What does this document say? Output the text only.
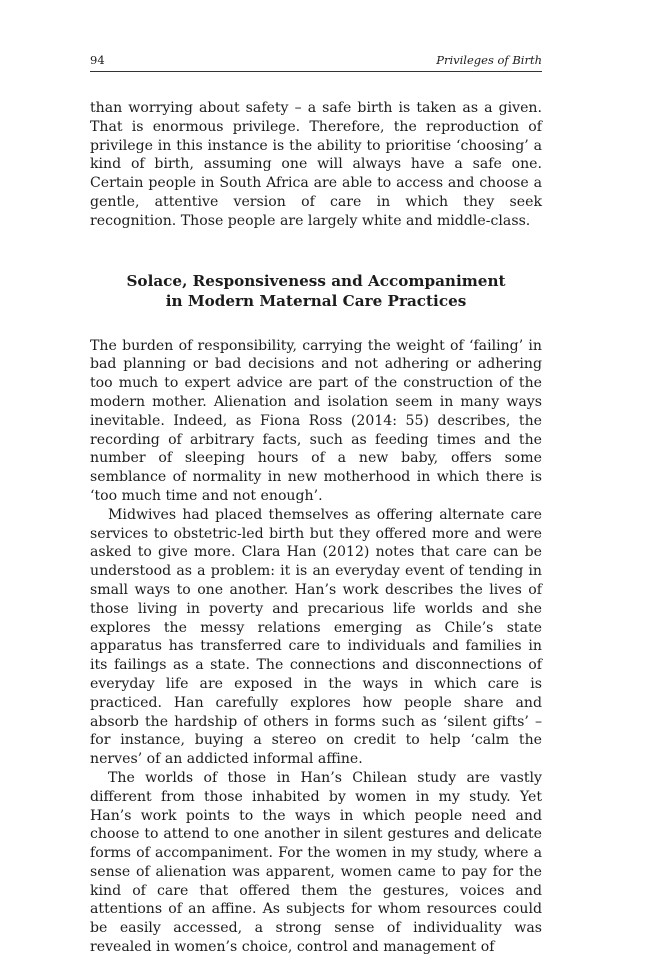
94	Privileges of Birth

than worrying about safety – a safe birth is taken as a given. That is enormous privilege. Therefore, the reproduction of privilege in this instance is the ability to prioritise ‘choosing’ a kind of birth, assuming one will always have a safe one. Certain people in South Africa are able to access and choose a gentle, attentive version of care in which they seek recognition. Those people are largely white and middle-class.

Solace, Responsiveness and Accompaniment
in Modern Maternal Care Practices

The burden of responsibility, carrying the weight of ‘failing’ in bad planning or bad decisions and not adhering or adhering too much to expert advice are part of the construction of the modern mother. Alienation and isolation seem in many ways inevitable. Indeed, as Fiona Ross (2014: 55) describes, the recording of arbitrary facts, such as feeding times and the number of sleeping hours of a new baby, offers some semblance of normality in new motherhood in which there is ‘too much time and not enough’.

Midwives had placed themselves as offering alternate care services to obstetric-led birth but they offered more and were asked to give more. Clara Han (2012) notes that care can be understood as a problem: it is an everyday event of tending in small ways to one another. Han’s work describes the lives of those living in poverty and precarious life worlds and she explores the messy relations emerging as Chile’s state apparatus has transferred care to individuals and families in its failings as a state. The connections and disconnections of everyday life are exposed in the ways in which care is practiced. Han carefully explores how people share and absorb the hardship of others in forms such as ‘silent gifts’ – for instance, buying a stereo on credit to help ‘calm the nerves’ of an addicted informal affine.

The worlds of those in Han’s Chilean study are vastly different from those inhabited by women in my study. Yet Han’s work points to the ways in which people need and choose to attend to one another in silent gestures and delicate forms of accompaniment. For the women in my study, where a sense of alienation was apparent, women came to pay for the kind of care that offered them the gestures, voices and attentions of an affine. As subjects for whom resources could be easily accessed, a strong sense of individuality was revealed in women’s choice, control and management of
